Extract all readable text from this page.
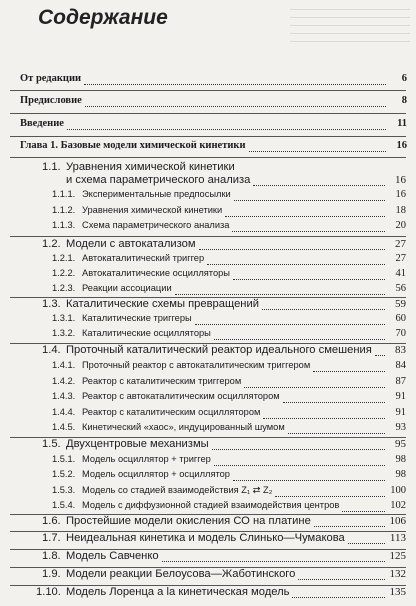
Содержание
От редакции	6
Предисловие	8
Введение	11
Глава 1. Базовые модели химической кинетики	16
1.1. Уравнения химической кинетики
и схема параметрического анализа	16
1.1.1. Экспериментальные предпосылки	16
1.1.2. Уравнения химической кинетики	18
1.1.3. Схема параметрического анализа	20
1.2. Модели с автокатализом	27
1.2.1. Автокаталитический триггер	27
1.2.2. Автокаталитические осцилляторы	41
1.2.3. Реакции ассоциации	56
1.3. Каталитические схемы превращений	59
1.3.1. Каталитические триггеры	60
1.3.2. Каталитические осцилляторы	70
1.4. Проточный каталитический реактор идеального смешения	83
1.4.1. Проточный реактор с автокаталитическим триггером	84
1.4.2. Реактор с каталитическим триггером	87
1.4.3. Реактор с автокаталитическим осциллятором	91
1.4.4. Реактор с каталитическим осциллятором	91
1.4.5. Кинетический «хаос», индуцированный шумом	93
1.5. Двухцентровые механизмы	95
1.5.1. Модель осциллятор + триггер	98
1.5.2. Модель осциллятор + осциллятор	98
1.5.3. Модель со стадией взаимодействия Z₁ ⇄ Z₂	100
1.5.4. Модель с диффузионной стадией взаимодействия центров	102
1.6. Простейшие модели окисления СО на платине	106
1.7. Неидеальная кинетика и модель Слинько—Чумакова	113
1.8. Модель Савченко	125
1.9. Модели реакции Белоусова—Жаботинского	132
1.10. Модель Лоренца a la кинетическая модель	135
